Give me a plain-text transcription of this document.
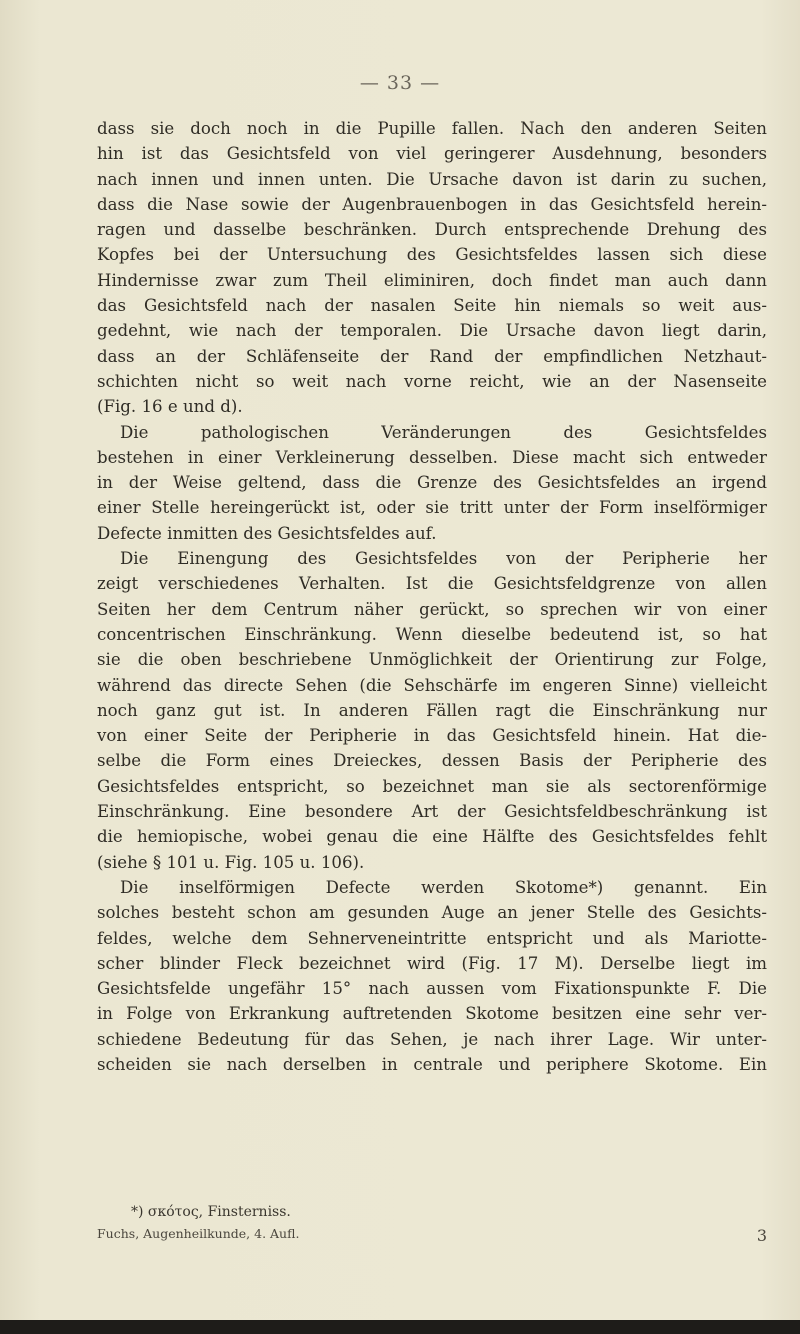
— 33 —
dass sie doch noch in die Pupille fallen. Nach den anderen Seiten
hin ist das Gesichtsfeld von viel geringerer Ausdehnung, besonders
nach innen und innen unten. Die Ursache davon ist darin zu suchen,
dass die Nase sowie der Augenbrauenbogen in das Gesichtsfeld herein-
ragen und dasselbe beschränken. Durch entsprechende Drehung des
Kopfes bei der Untersuchung des Gesichtsfeldes lassen sich diese
Hindernisse zwar zum Theil eliminiren, doch findet man auch dann
das Gesichtsfeld nach der nasalen Seite hin niemals so weit aus-
gedehnt, wie nach der temporalen. Die Ursache davon liegt darin,
dass an der Schläfenseite der Rand der empfindlichen Netzhaut-
schichten nicht so weit nach vorne reicht, wie an der Nasenseite
(Fig. 16 e und d).
Die pathologischen Veränderungen des Gesichtsfeldes
bestehen in einer Verkleinerung desselben. Diese macht sich entweder
in der Weise geltend, dass die Grenze des Gesichtsfeldes an irgend
einer Stelle hereingerückt ist, oder sie tritt unter der Form inselförmiger
Defecte inmitten des Gesichtsfeldes auf.
Die Einengung des Gesichtsfeldes von der Peripherie her
zeigt verschiedenes Verhalten. Ist die Gesichtsfeldgrenze von allen
Seiten her dem Centrum näher gerückt, so sprechen wir von einer
concentrischen Einschränkung. Wenn dieselbe bedeutend ist, so hat
sie die oben beschriebene Unmöglichkeit der Orientirung zur Folge,
während das directe Sehen (die Sehschärfe im engeren Sinne) vielleicht
noch ganz gut ist. In anderen Fällen ragt die Einschränkung nur
von einer Seite der Peripherie in das Gesichtsfeld hinein. Hat die-
selbe die Form eines Dreieckes, dessen Basis der Peripherie des
Gesichtsfeldes entspricht, so bezeichnet man sie als sectorenförmige
Einschränkung. Eine besondere Art der Gesichtsfeldbeschränkung ist
die hemiopische, wobei genau die eine Hälfte des Gesichtsfeldes fehlt
(siehe § 101 u. Fig. 105 u. 106).
Die inselförmigen Defecte werden Skotome*) genannt. Ein
solches besteht schon am gesunden Auge an jener Stelle des Gesichts-
feldes, welche dem Sehnerveneintritte entspricht und als Mariotte-
scher blinder Fleck bezeichnet wird (Fig. 17 M). Derselbe liegt im
Gesichtsfelde ungefähr 15° nach aussen vom Fixationspunkte F. Die
in Folge von Erkrankung auftretenden Skotome besitzen eine sehr ver-
schiedene Bedeutung für das Sehen, je nach ihrer Lage. Wir unter-
scheiden sie nach derselben in centrale und periphere Skotome. Ein
*) σκότος, Finsterniss.
Fuchs, Augenheilkunde, 4. Aufl.	3
